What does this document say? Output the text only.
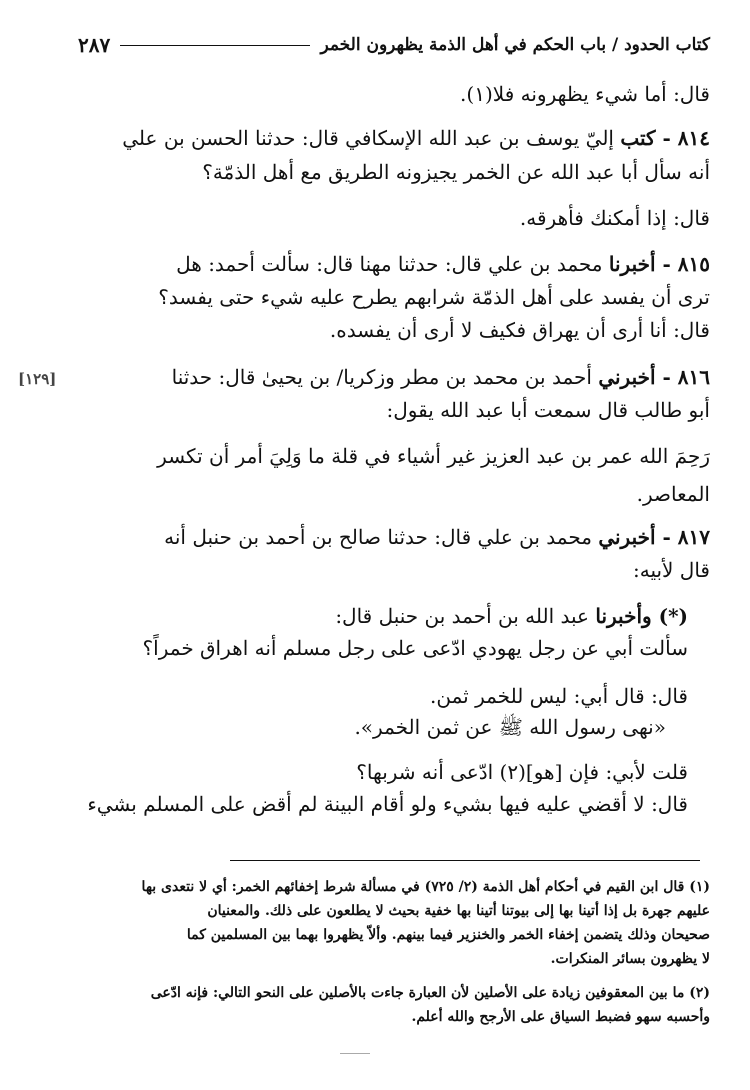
كتاب الحدود / باب الحكم في أهل الذمة يظهرون الخمر
٢٨٧
[١٢٩]
قال: أما شيء يظهرونه فلا(١).
٨١٤ - كتب إليّ يوسف بن عبد الله الإسكافي قال: حدثنا الحسن بن علي
أنه سأل أبا عبد الله عن الخمر يجيزونه الطريق مع أهل الذمّة؟
قال: إذا أمكنك فأهرقه.
٨١٥ - أخبرنا محمد بن علي قال: حدثنا مهنا قال: سألت أحمد: هل
ترى أن يفسد على أهل الذمّة شرابهم يطرح عليه شيء حتى يفسد؟
قال: أنا أرى أن يهراق فكيف لا أرى أن يفسده.
٨١٦ - أخبرني أحمد بن محمد بن مطر وزكريا/ بن يحيىٰ قال: حدثنا
أبو طالب قال سمعت أبا عبد الله يقول:
رَحِمَ الله عمر بن عبد العزيز غير أشياء في قلة ما وَلِيَ أمر أن تكسر
المعاصر.
٨١٧ - أخبرني محمد بن علي قال: حدثنا صالح بن أحمد بن حنبل أنه
قال لأبيه:
(*) وأخبرنا عبد الله بن أحمد بن حنبل قال:
سألت أبي عن رجل يهودي ادّعى على رجل مسلم أنه اهراق خمراً؟
قال: قال أبي: ليس للخمر ثمن.
«نهى رسول الله ﷺ عن ثمن الخمر».
قلت لأبي: فإن [هو](٢) ادّعى أنه شربها؟
قال: لا أقضي عليه فيها بشيء ولو أقام البينة لم أقض على المسلم بشيء
(١) قال ابن القيم في أحكام أهل الذمة (٢/ ٧٢٥) في مسألة شرط إخفائهم الخمر: أي لا نتعدى بها
عليهم جهرة بل إذا أتينا بها إلى بيوتنا أتينا بها خفية بحيث لا يطلعون على ذلك. والمعنيان
صحيحان وذلك يتضمن إخفاء الخمر والخنزير فيما بينهم. وألاّ يظهروا بهما بين المسلمين كما
لا يظهرون بسائر المنكرات.
(٢) ما بين المعقوفين زيادة على الأصلين لأن العبارة جاءت بالأصلين على النحو التالي: فإنه ادّعى
وأحسبه سهو فضبط السياق على الأرجح والله أعلم.
